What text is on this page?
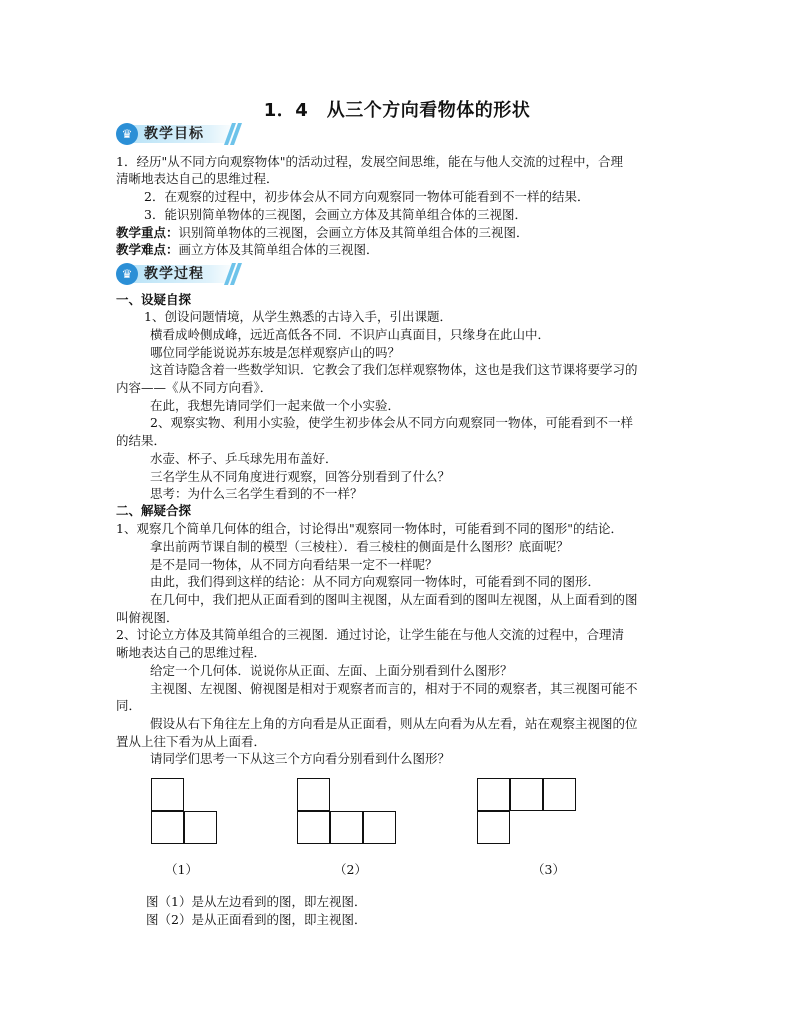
1．4　从三个方向看物体的形状
♛ 教学目标
1．经历"从不同方向观察物体"的活动过程，发展空间思维，能在与他人交流的过程中，合理
清晰地表达自己的思维过程．
2．在观察的过程中，初步体会从不同方向观察同一物体可能看到不一样的结果．
3．能识别简单物体的三视图，会画立方体及其简单组合体的三视图．
教学重点：识别简单物体的三视图，会画立方体及其简单组合体的三视图．
教学难点：画立方体及其简单组合体的三视图．
♛ 教学过程
一、设疑自探
1、创设问题情境，从学生熟悉的古诗入手，引出课题．
横看成岭侧成峰，远近高低各不同．不识庐山真面目，只缘身在此山中．
哪位同学能说说苏东坡是怎样观察庐山的吗？
这首诗隐含着一些数学知识．它教会了我们怎样观察物体，这也是我们这节课将要学习的
内容——《从不同方向看》．
在此，我想先请同学们一起来做一个小实验．
2、观察实物、利用小实验，使学生初步体会从不同方向观察同一物体，可能看到不一样
的结果．
水壶、杯子、乒乓球先用布盖好．
三名学生从不同角度进行观察，回答分别看到了什么？
思考：为什么三名学生看到的不一样？
二、解疑合探
1、观察几个简单几何体的组合，讨论得出"观察同一物体时，可能看到不同的图形"的结论．
拿出前两节课自制的模型（三棱柱）．看三棱柱的侧面是什么图形？底面呢？
是不是同一物体，从不同方向看结果一定不一样呢？
由此，我们得到这样的结论：从不同方向观察同一物体时，可能看到不同的图形．
在几何中，我们把从正面看到的图叫主视图，从左面看到的图叫左视图，从上面看到的图
叫俯视图．
2、讨论立方体及其简单组合的三视图．通过讨论，让学生能在与他人交流的过程中，合理清
晰地表达自己的思维过程．
给定一个几何体．说说你从正面、左面、上面分别看到什么图形？
主视图、左视图、俯视图是相对于观察者而言的，相对于不同的观察者，其三视图可能不
同．
假设从右下角往左上角的方向看是从正面看，则从左向看为从左看，站在观察主视图的位
置从上往下看为从上面看．
请同学们思考一下从这三个方向看分别看到什么图形？
（1）	（2）	（3）
图（1）是从左边看到的图，即左视图．
图（2）是从正面看到的图，即主视图．
